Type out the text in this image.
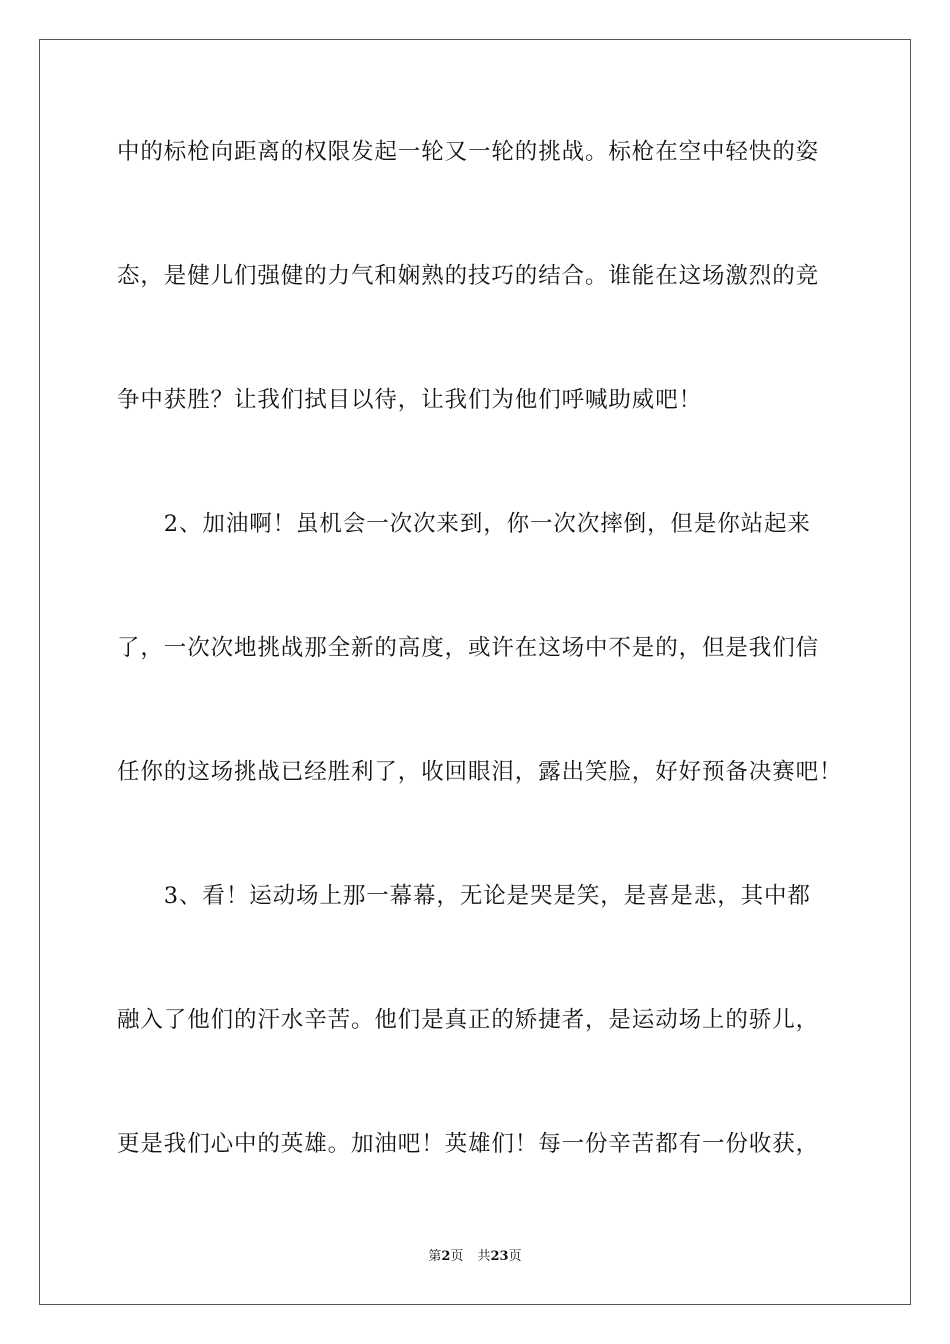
中的标枪向距离的权限发起一轮又一轮的挑战。标枪在空中轻快的姿
态，是健儿们强健的力气和娴熟的技巧的结合。谁能在这场激烈的竞
争中获胜？让我们拭目以待，让我们为他们呼喊助威吧！
　　2、加油啊！虽机会一次次来到，你一次次摔倒，但是你站起来
了，一次次地挑战那全新的高度，或许在这场中不是的，但是我们信
任你的这场挑战已经胜利了，收回眼泪，露出笑脸，好好预备决赛吧！
　　3、看！运动场上那一幕幕，无论是哭是笑，是喜是悲，其中都
融入了他们的汗水辛苦。他们是真正的矫捷者，是运动场上的骄儿，
更是我们心中的英雄。加油吧！英雄们！每一份辛苦都有一份收获，
第2页 共23页
